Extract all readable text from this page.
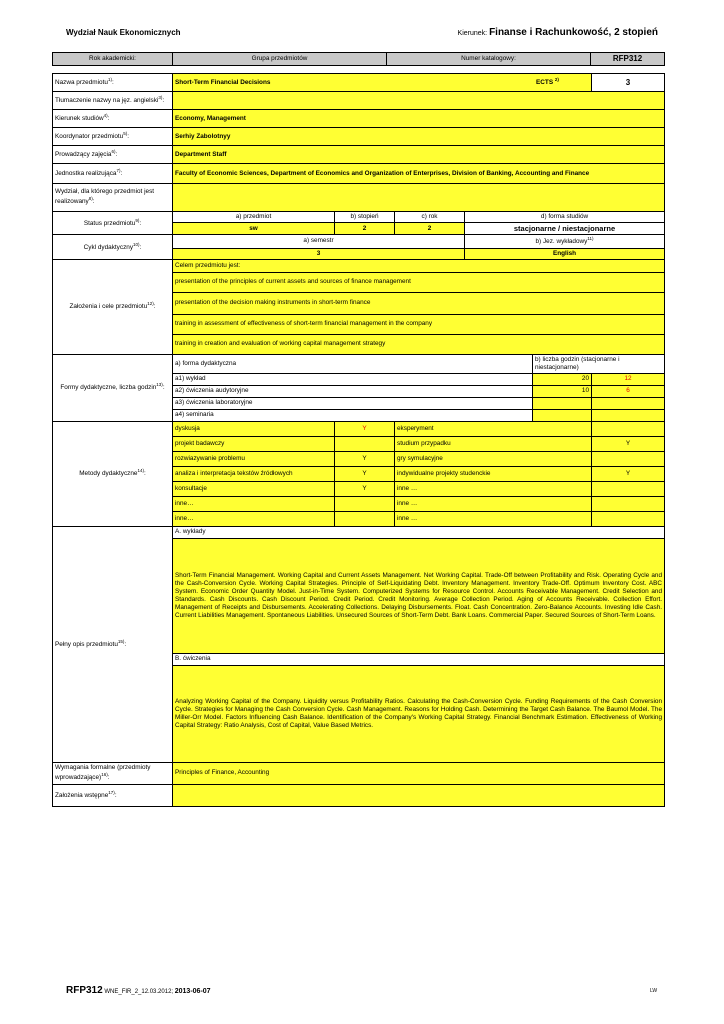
Wydział Nauk Ekonomicznych	Kierunek: Finanse i Rachunkowość, 2 stopień
Rok akademicki:	Grupa przedmiotów	Numer katalogowy:	RFP312
Nazwa przedmiotu$^{1)}$:	Short-Term Financial Decisions					ECTS $^{2)}$ 3
Tłumaczenie nazwy na jęz. angielski$^{3)}$:						
Kierunek studiów$^{4)}$:	Economy, Management					
Koordynator przedmiotu$^{5)}$:	Serhiy Zabolotnyy					
Prowadzący zajęcia$^{6)}$:	Department Staff					
Jednostka realizująca$^{7)}$:	Faculty of Economic Sciences, Department of Economics and Organization of Enterprises, Division of Banking, Accounting and Finance					
Wydział, dla którego przedmiot jest realizowany$^{8)}$:						
Status przedmiotu$^{9)}$:	a) przedmiot	b) stopień	c) rok	d) forma studiów		
	sw	2	2	stacjonarne / niestacjonarne		
Cykl dydaktyczny$^{10)}$:	a) semestr			b) Jez. wykładowy$^{11)}$
	3			English		
Założenia i cele przedmiotu$^{12)}$:	Celem przedmiotu jest:					
	presentation of the principles of current assets and sources of finance management					
	presentation of the decision making instruments in short-term finance					
	training in assessment of effectiveness of short-term financial management in the company					
	training in creation and evaluation of working capital management strategy					
Formy dydaktyczne, liczba godzin$^{13)}$:	a) forma dydaktyczna				b) liczba godzin (stacjonarne i niestacjonarne)	
	a1) wykład				20	12
	a2) ćwiczenia audytoryjne				10	6
	a3) ćwiczenia laboratoryjne					
	a4) seminaria					
Metody dydaktyczne$^{14)}$:	dyskusja	Y	eksperyment			
	projekt badawczy		studium przypadku			Y
	rozwiazywanie problemu	Y	gry symulacyjne			
	analiza i interpretacja tekstów źródłowych	Y	indywidualne projekty studenckie			Y
	konsultacje	Y	inne …			
	inne…		inne …			
	inne…		inne …			
Pełny opis przedmiotu$^{15)}$:	A. wykłady					
	Short-Term Financial Management. Working Capital and Current Assets Management. Net Working Capital. Trade-Off between Profitability and Risk. Operating Cycle and the Cash-Conversion Cycle. Working Capital Strategies. Principle of Self-Liquidating Debt. Inventory Management. Inventory Trade-Off. Optimum Inventory Cost. ABC System. Economic Order Quantity Model. Just-in-Time System. Computerized Systems for Resource Control. Accounts Receivable Management. Credit Selection and Standards. Cash Discounts. Cash Discount Period. Credit Period. Credit Monitoring. Average Collection Period. Aging of Accounts Receivable. Collection Effort. Management of Receipts and Disbursements. Accelerating Collections. Delaying Disbursements. Float. Cash Concentration. Zero-Balance Accounts. Investing Idle Cash. Current Liabilities Management. Spontaneous Liabilities. Unsecured Sources of Short-Term Debt. Bank Loans. Commercial Paper. Secured Sources of Short-Term Loans.					
	B. ćwiczenia					
	Analyzing Working Capital of the Company. Liquidity versus Profitability Ratios. Calculating the Cash-Conversion Cycle. Funding Requirements of the Cash Conversion Cycle. Strategies for Managing the Cash Conversion Cycle. Cash Management. Reasons for Holding Cash. Determining the Target Cash Balance. The Baumol Model. The Miller-Orr Model. Factors Influencing Cash Balance. Identification of the Company's Working Capital Strategy. Financial Benchmark Estimation. Effectiveness of Working Capital Strategy: Ratio Analysis, Cost of Capital, Value Based Metrics.					
Wymagania formalne (przedmioty wprowadzające)$^{16)}$:	Principles of Finance, Accounting					
Założenia wstępne$^{17)}$:						
RFP312 WNE_FIR_2_12.03.2012; 2013-06-07	LW
